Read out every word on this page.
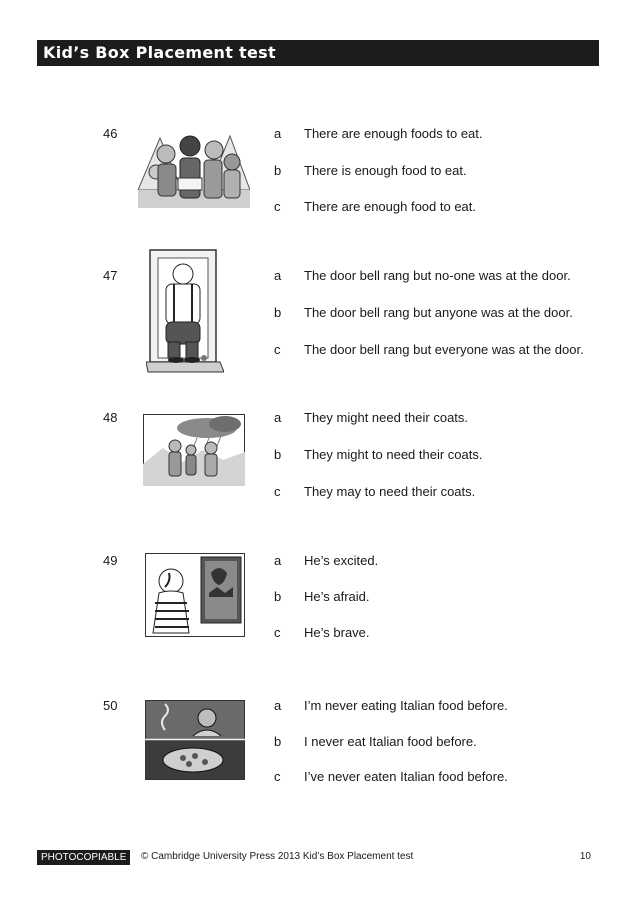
Kid’s Box Placement test
46	a There are enough foods to eat.
b There is enough food to eat.
c There are enough food to eat.
47	a The door bell rang but no-one was at the door.
b The door bell rang but anyone was at the door.
c The door bell rang but everyone was at the door.
48	a They might need their coats.
b They might to need their coats.
c They may to need their coats.
49	a He’s excited.
b He’s afraid.
c He’s brave.
50	a I’m never eating Italian food before.
b I never eat Italian food before.
c I’ve never eaten Italian food before.
PHOTOCOPIABLE	© Cambridge University Press 2013 Kid’s Box Placement test	10
